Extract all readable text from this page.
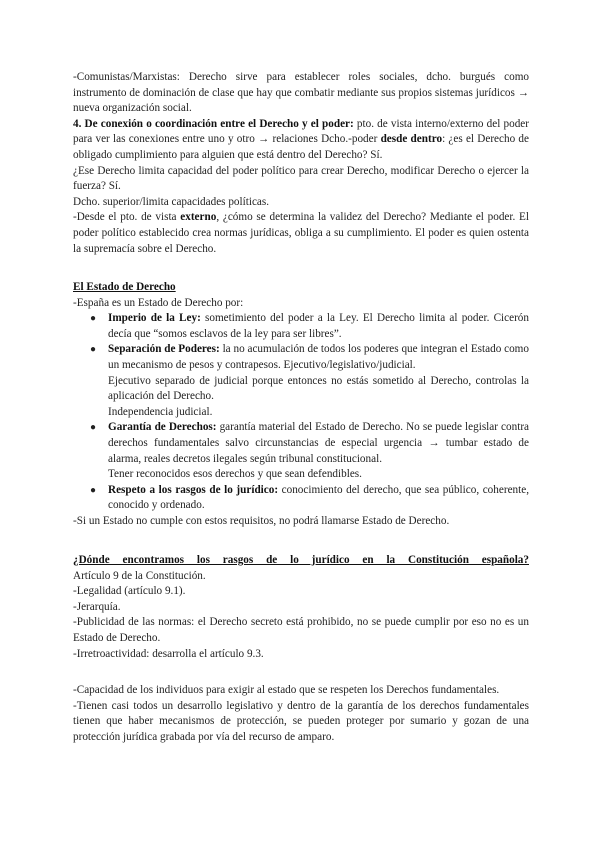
-Comunistas/Marxistas: Derecho sirve para establecer roles sociales, dcho. burgués como instrumento de dominación de clase que hay que combatir mediante sus propios sistemas jurídicos → nueva organización social.

4. De conexión o coordinación entre el Derecho y el poder: pto. de vista interno/externo del poder para ver las conexiones entre uno y otro → relaciones Dcho.-poder desde dentro: ¿es el Derecho de obligado cumplimiento para alguien que está dentro del Derecho? Sí.

¿Ese Derecho limita capacidad del poder político para crear Derecho, modificar Derecho o ejercer la fuerza? Sí.

Dcho. superior/limita capacidades políticas.

-Desde el pto. de vista externo, ¿cómo se determina la validez del Derecho? Mediante el poder. El poder político establecido crea normas jurídicas, obliga a su cumplimiento. El poder es quien ostenta la supremacía sobre el Derecho.

El Estado de Derecho

-España es un Estado de Derecho por:

● Imperio de la Ley: sometimiento del poder a la Ley. El Derecho limita al poder. Cicerón decía que “somos esclavos de la ley para ser libres”.
● Separación de Poderes: la no acumulación de todos los poderes que integran el Estado como un mecanismo de pesos y contrapesos. Ejecutivo/legislativo/judicial.

Ejecutivo separado de judicial porque entonces no estás sometido al Derecho, controlas la aplicación del Derecho.

Independencia judicial.

● Garantía de Derechos: garantía material del Estado de Derecho. No se puede legislar contra derechos fundamentales salvo circunstancias de especial urgencia → tumbar estado de alarma, reales decretos ilegales según tribunal constitucional.

Tener reconocidos esos derechos y que sean defendibles.

● Respeto a los rasgos de lo jurídico: conocimiento del derecho, que sea público, coherente, conocido y ordenado.

-Si un Estado no cumple con estos requisitos, no podrá llamarse Estado de Derecho.

¿Dónde encontramos los rasgos de lo jurídico en la Constitución española?

Artículo 9 de la Constitución.

-Legalidad (artículo 9.1).

-Jerarquía.

-Publicidad de las normas: el Derecho secreto está prohibido, no se puede cumplir por eso no es un Estado de Derecho.

-Irretroactividad: desarrolla el artículo 9.3.

-Capacidad de los individuos para exigir al estado que se respeten los Derechos fundamentales.

-Tienen casi todos un desarrollo legislativo y dentro de la garantía de los derechos fundamentales tienen que haber mecanismos de protección, se pueden proteger por sumario y gozan de una protección jurídica grabada por vía del recurso de amparo.
